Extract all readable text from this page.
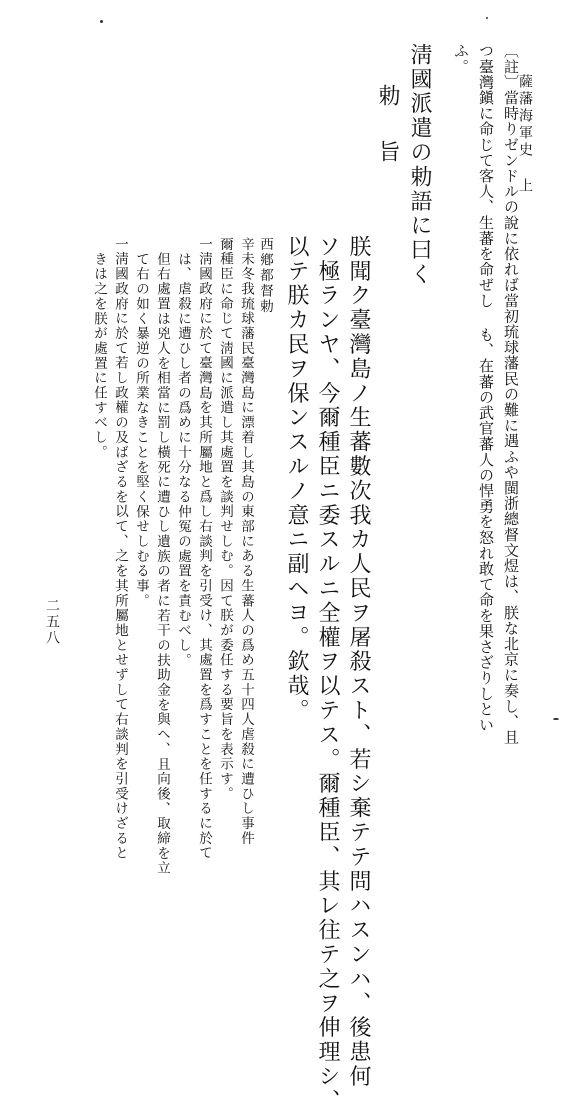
薩藩海軍史 上
〔註〕當時りゼンドルの說に依れば當初琉球藩民の難に遇ふや閩浙總督文煜は、朕な北京に奏し、且
つ臺灣鎭に命じて客人、生蕃を命ぜし も、在蕃の武官蕃人の悍勇を怒れ敢て命を果さざりしとい
ふ。
淸國派遣の勅語に曰く
勅　旨
朕聞ク臺灣島ノ生蕃數次我カ人民ヲ屠殺スト、若シ棄テテ問ハスンハ、後患何
ソ極ランヤ、今爾種臣ニ委スルニ全權ヲ以テス。爾種臣、其レ往テ之ヲ伸理シ、
以テ朕カ民ヲ保ンスルノ意ニ副ヘヨ。欽哉。
西鄕都督勅
辛未冬我琉球藩民臺灣島に漂着し其島の東部にある生蕃人の爲め五十四人虐殺に遭ひし事件
爾種臣に命じて淸國に派遣し其處置を談判せしむ。因て朕が委任する要旨を表示す。
一淸國政府に於て臺灣島を其所屬地と爲し右談判を引受け、其處置を爲すことを任するに於て
は、虐殺に遭ひし者の爲めに十分なる仲冤の處置を責むべし。
但右處置は兇人を相當に罰し橫死に遭ひし遺族の者に若干の扶助金を與へ、且向後、取締を立
て右の如く暴逆の所業なきことを堅く保せしむる事。
一淸國政府に於て若し政權の及ばざるを以て、之を其所屬地とせずして右談判を引受けざると
きは之を朕が處置に任すべし。
二五八
